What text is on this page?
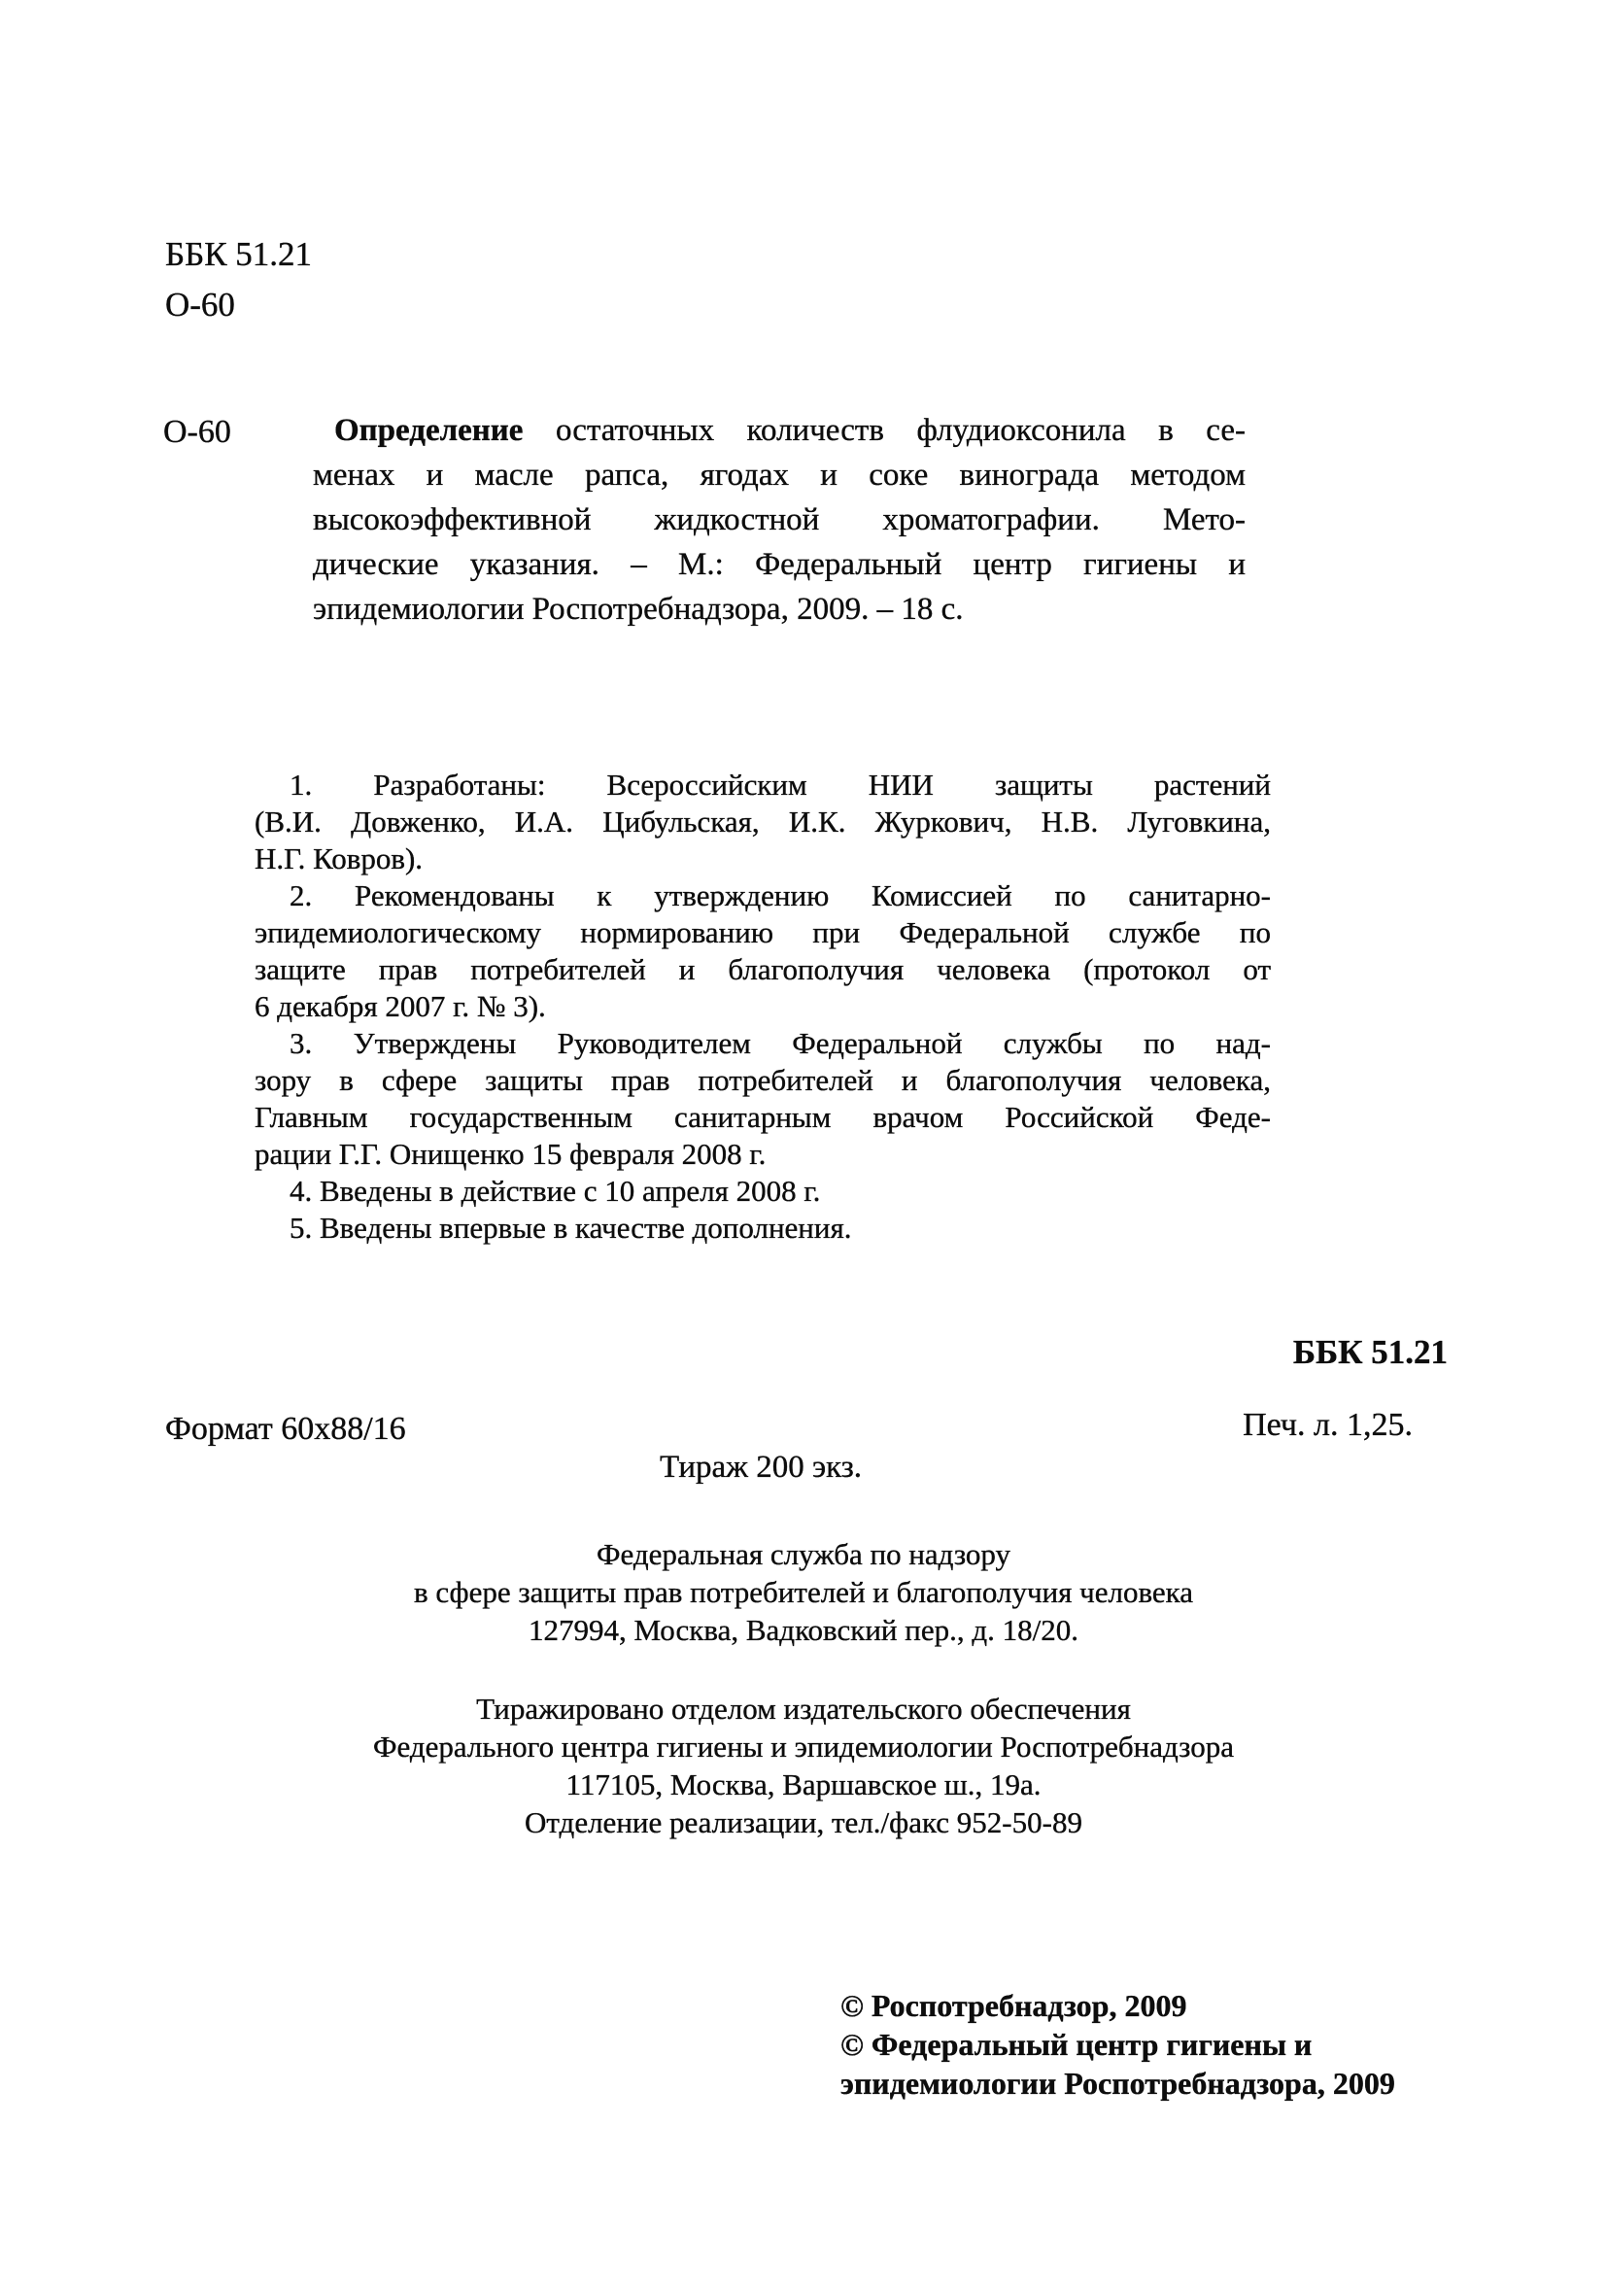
ББК 51.21
О-60
О-60	Определение остаточных количеств флудиоксонила в се-
менах и масле рапса, ягодах и соке винограда методом
высокоэффективной жидкостной хроматографии. Мето-
дические указания. – М.: Федеральный центр гигиены и
эпидемиологии Роспотребнадзора, 2009. – 18 с.
1. Разработаны: Всероссийским НИИ защиты растений
(В.И. Довженко, И.А. Цибульская, И.К. Журкович, Н.В. Луговкина,
Н.Г. Ковров).
2. Рекомендованы к утверждению Комиссией по санитарно-
эпидемиологическому нормированию при Федеральной службе по
защите прав потребителей и благополучия человека (протокол от
6 декабря 2007 г. № 3).
3. Утверждены Руководителем Федеральной службы по над-
зору в сфере защиты прав потребителей и благополучия человека,
Главным государственным санитарным врачом Российской Феде-
рации Г.Г. Онищенко 15 февраля 2008 г.
4. Введены в действие с 10 апреля 2008 г.
5. Введены впервые в качестве дополнения.
ББК 51.21
Формат 60х88/16	Печ. л. 1,25.
Тираж 200 экз.
Федеральная служба по надзору
в сфере защиты прав потребителей и благополучия человека
127994, Москва, Вадковский пер., д. 18/20.
Тиражировано отделом издательского обеспечения
Федерального центра гигиены и эпидемиологии Роспотребнадзора
117105, Москва, Варшавское ш., 19а.
Отделение реализации, тел./факс 952-50-89
© Роспотребнадзор, 2009
© Федеральный центр гигиены и
эпидемиологии Роспотребнадзора, 2009
